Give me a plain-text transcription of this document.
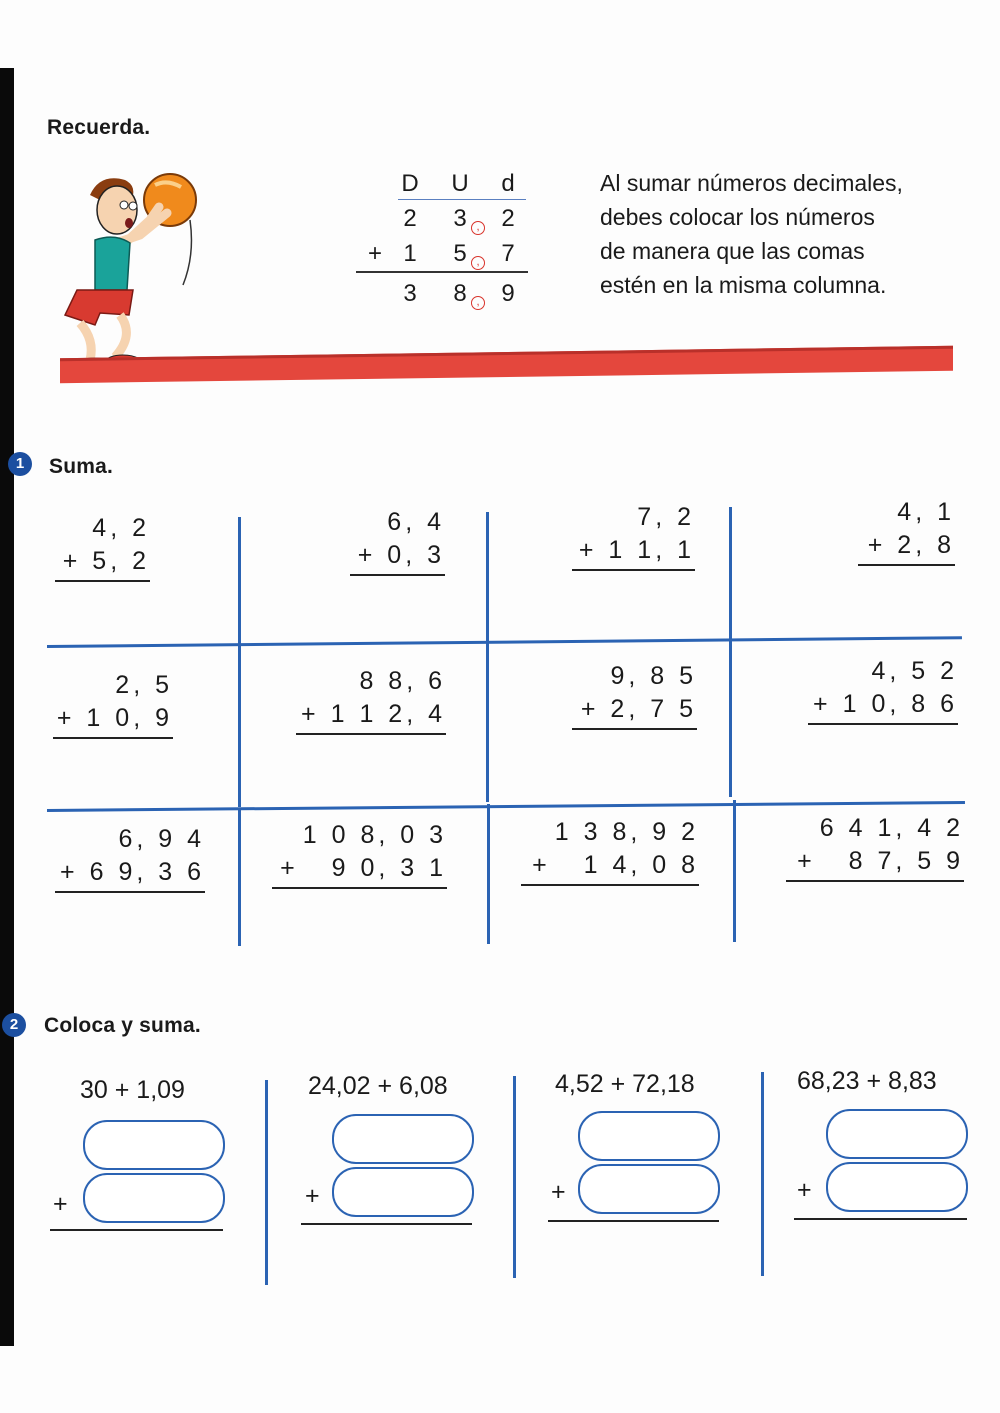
Recuerda.
D U	d
2	3 , 2
+ 1	5 , 7
3	8 , 9
Al sumar números decimales,
debes colocar los números
de manera que las comas
estén en la misma columna.
1	Suma.
4, 2
+ 5, 2
6, 4
+ 0, 3
7, 2
+ 1 1, 1
4, 1
+ 2, 8
2, 5
+ 1 0, 9
8 8, 6
+ 1 1 2, 4
9, 8 5
+ 2, 7 5
4, 5 2
+ 1 0, 8 6
6, 9 4
+ 6 9, 3 6
1 0 8, 0 3
+   9 0, 3 1
1 3 8, 9 2
+   1 4, 0 8
6 4 1, 4 2
+   8 7, 5 9
2	Coloca y suma.
30 + 1,09
+
24,02 + 6,08
+
4,52 + 72,18
+
68,23 + 8,83
+
